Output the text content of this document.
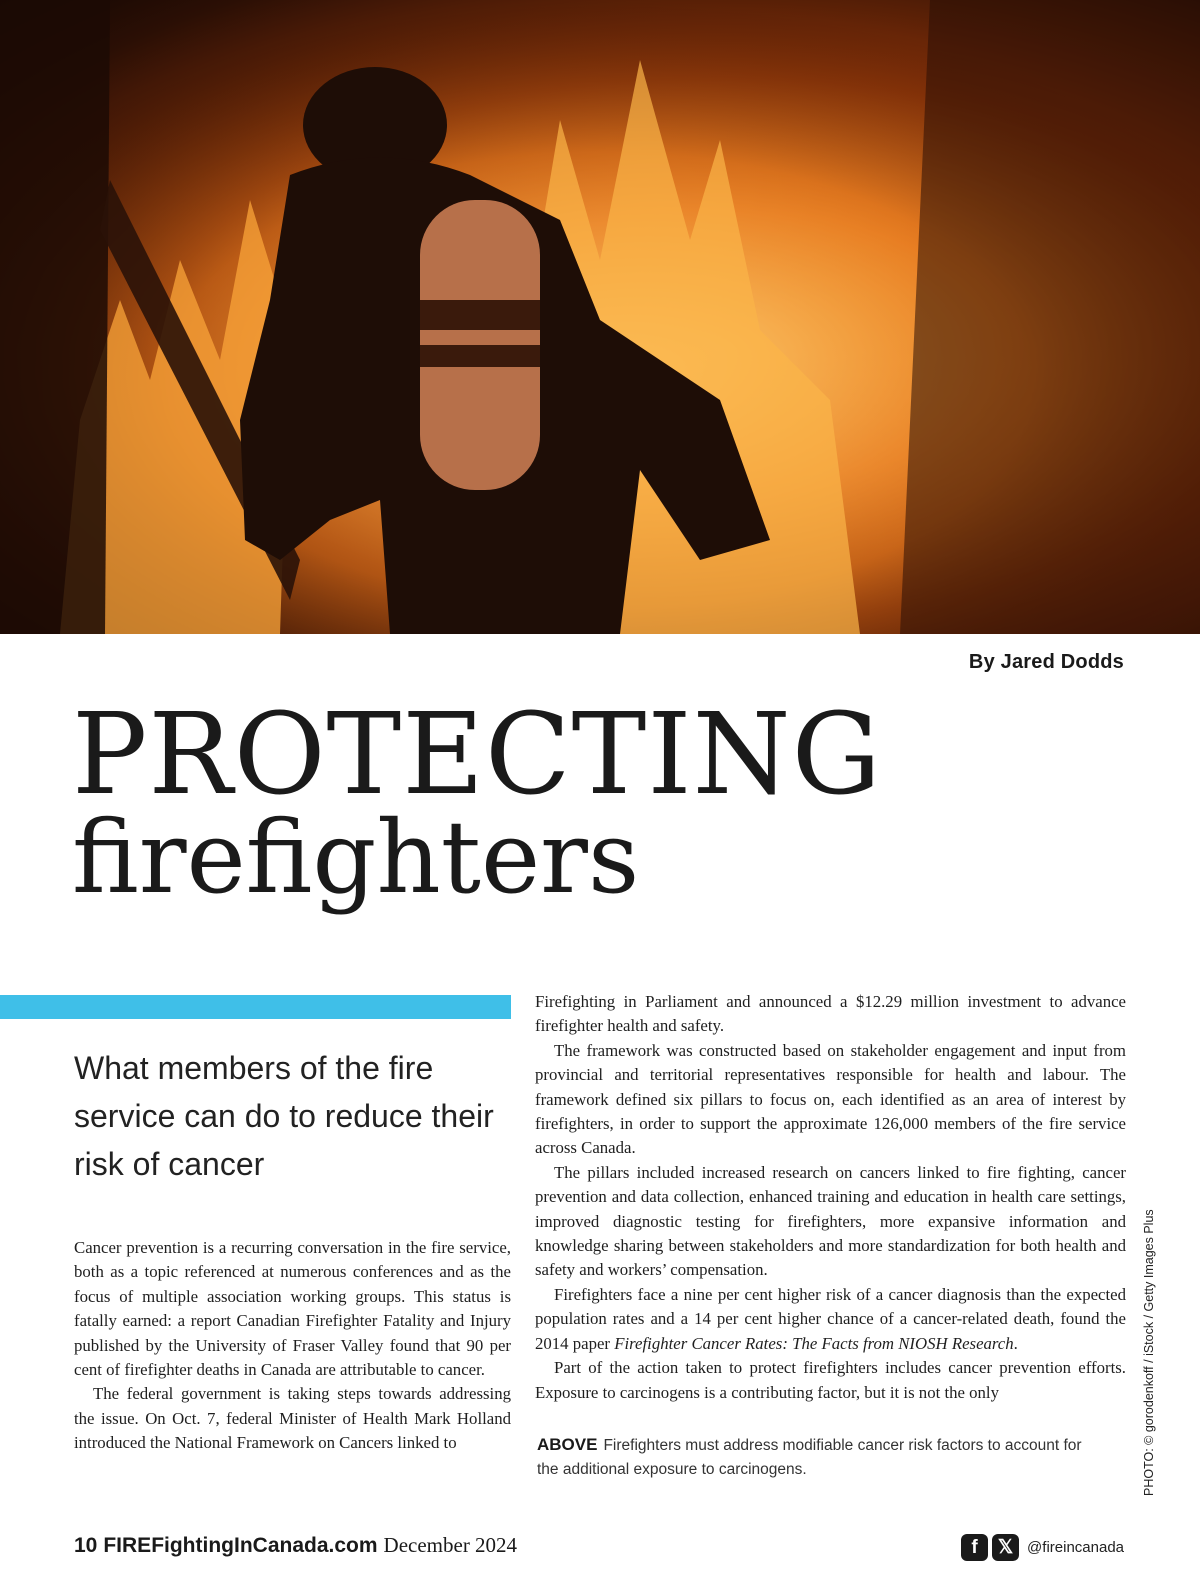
By Jared Dodds
PROTECTING
firefighters
What members of the fire service can do to reduce their risk of cancer

Cancer prevention is a recurring conversation in the fire service, both as a topic referenced at numerous conferences and as the focus of multiple association working groups. This status is fatally earned: a report Canadian Firefighter Fatality and Injury published by the University of Fraser Valley found that 90 per cent of firefighter deaths in Canada are attributable to cancer.

The federal government is taking steps towards addressing the issue. On Oct. 7, federal Minister of Health Mark Holland introduced the National Framework on Cancers linked to

Firefighting in Parliament and announced a $12.29 million investment to advance firefighter health and safety.

The framework was constructed based on stakeholder engagement and input from provincial and territorial representatives responsible for health and labour. The framework defined six pillars to focus on, each identified as an area of interest by firefighters, in order to support the approximate 126,000 members of the fire service across Canada.

The pillars included increased research on cancers linked to fire fighting, cancer prevention and data collection, enhanced training and education in health care settings, improved diagnostic testing for firefighters, more expansive information and knowledge sharing between stakeholders and more standardization for both health and safety and workers’ compensation.

Firefighters face a nine per cent higher risk of a cancer diagnosis than the expected population rates and a 14 per cent higher chance of a cancer-related death, found the 2014 paper Firefighter Cancer Rates: The Facts from NIOSH Research.

Part of the action taken to protect firefighters includes cancer prevention efforts. Exposure to carcinogens is a contributing factor, but it is not the only

ABOVE Firefighters must address modifiable cancer risk factors to account for the additional exposure to carcinogens.	PHOTO: © gorodenkoff / iStock / Getty Images Plus
10 FIREFightingInCanada.com December 2024	f	𝕏 @fireincanada
